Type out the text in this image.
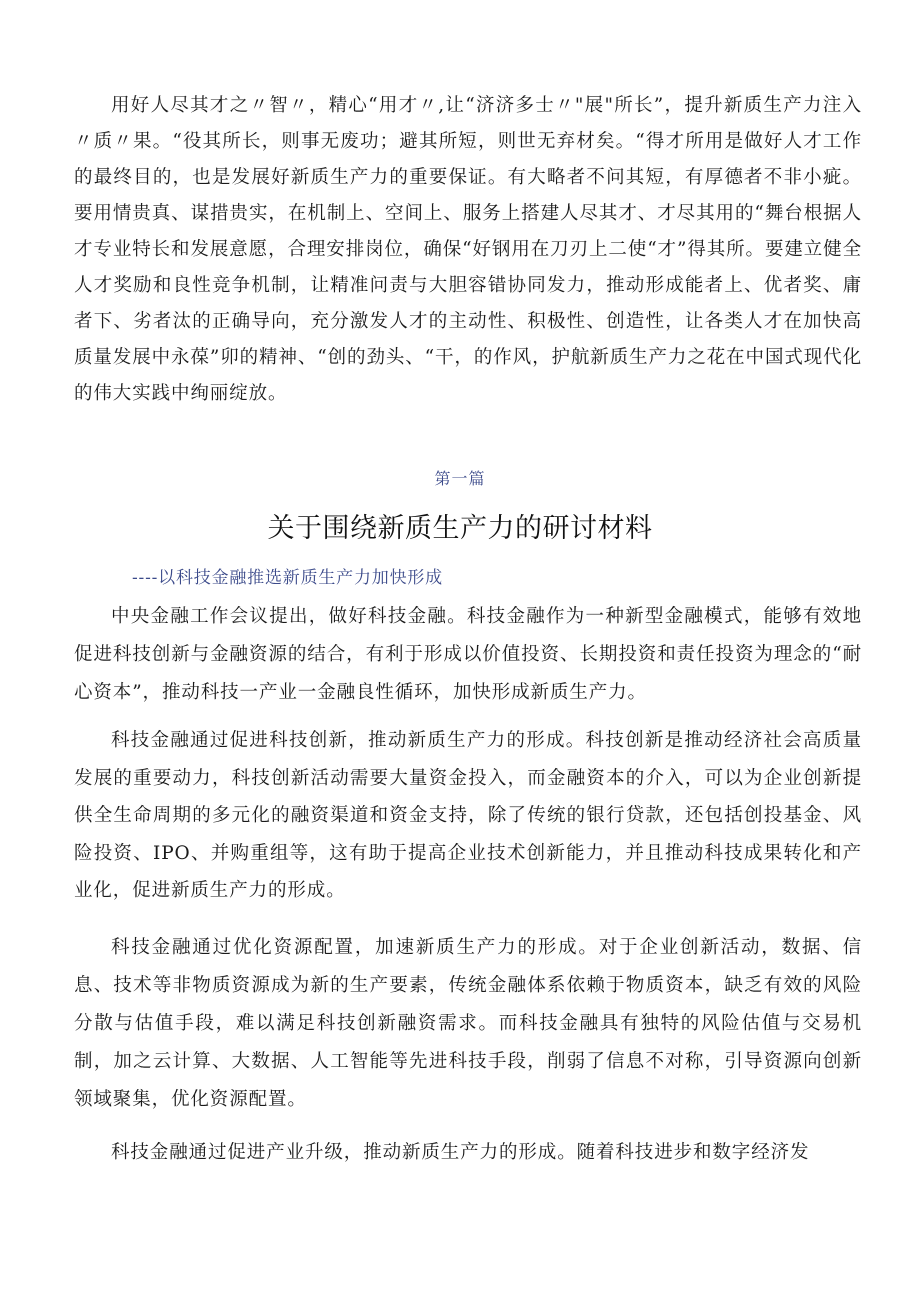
用好人尽其才之〃智〃，精心“用才〃,让“济济多士〃"展"所长”，提升新质生产力注入〃质〃果。“役其所长，则事无废功；避其所短，则世无弃材矣。“得才所用是做好人才工作的最终目的，也是发展好新质生产力的重要保证。有大略者不问其短，有厚德者不非小疵。要用情贵真、谋措贵实，在机制上、空间上、服务上搭建人尽其才、才尽其用的“舞台根据人才专业特长和发展意愿，合理安排岗位，确保“好钢用在刀刃上二使“才”得其所。要建立健全人才奖励和良性竞争机制，让精准问责与大胆容错协同发力，推动形成能者上、优者奖、庸者下、劣者汰的正确导向，充分激发人才的主动性、积极性、创造性，让各类人才在加快高质量发展中永葆”卯的精神、“创的劲头、“干，的作风，护航新质生产力之花在中国式现代化的伟大实践中绚丽绽放。

第一篇

关于围绕新质生产力的研讨材料

----以科技金融推选新质生产力加快形成

中央金融工作会议提出，做好科技金融。科技金融作为一种新型金融模式，能够有效地促进科技创新与金融资源的结合，有利于形成以价值投资、长期投资和责任投资为理念的“耐心资本”，推动科技一产业一金融良性循环，加快形成新质生产力。

科技金融通过促进科技创新，推动新质生产力的形成。科技创新是推动经济社会高质量发展的重要动力，科技创新活动需要大量资金投入，而金融资本的介入，可以为企业创新提供全生命周期的多元化的融资渠道和资金支持，除了传统的银行贷款，还包括创投基金、风险投资、IPO、并购重组等，这有助于提高企业技术创新能力，并且推动科技成果转化和产业化，促进新质生产力的形成。

科技金融通过优化资源配置，加速新质生产力的形成。对于企业创新活动，数据、信息、技术等非物质资源成为新的生产要素，传统金融体系依赖于物质资本，缺乏有效的风险分散与估值手段，难以满足科技创新融资需求。而科技金融具有独特的风险估值与交易机制，加之云计算、大数据、人工智能等先进科技手段，削弱了信息不对称，引导资源向创新领域聚集，优化资源配置。

科技金融通过促进产业升级，推动新质生产力的形成。随着科技进步和数字经济发
